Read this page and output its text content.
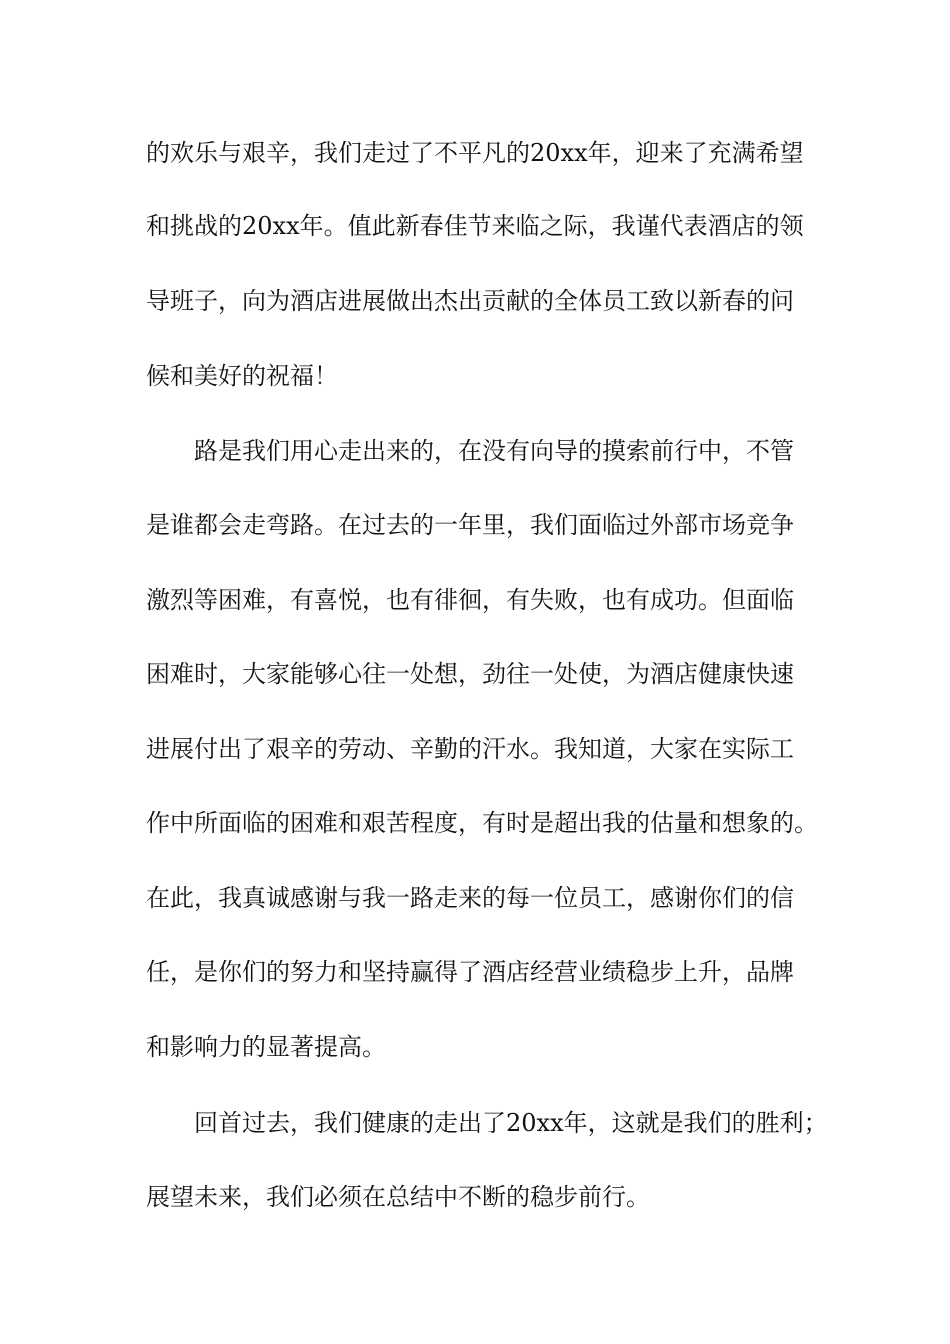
的欢乐与艰辛，我们走过了不平凡的20xx年，迎来了充满希望
和挑战的20xx年。值此新春佳节来临之际，我谨代表酒店的领
导班子，向为酒店进展做出杰出贡献的全体员工致以新春的问
候和美好的祝福！
路是我们用心走出来的，在没有向导的摸索前行中，不管
是谁都会走弯路。在过去的一年里，我们面临过外部市场竞争
激烈等困难，有喜悦，也有徘徊，有失败，也有成功。但面临
困难时，大家能够心往一处想，劲往一处使，为酒店健康快速
进展付出了艰辛的劳动、辛勤的汗水。我知道，大家在实际工
作中所面临的困难和艰苦程度，有时是超出我的估量和想象的。
在此，我真诚感谢与我一路走来的每一位员工，感谢你们的信
任，是你们的努力和坚持赢得了酒店经营业绩稳步上升，品牌
和影响力的显著提高。
回首过去，我们健康的走出了20xx年，这就是我们的胜利；
展望未来，我们必须在总结中不断的稳步前行。
